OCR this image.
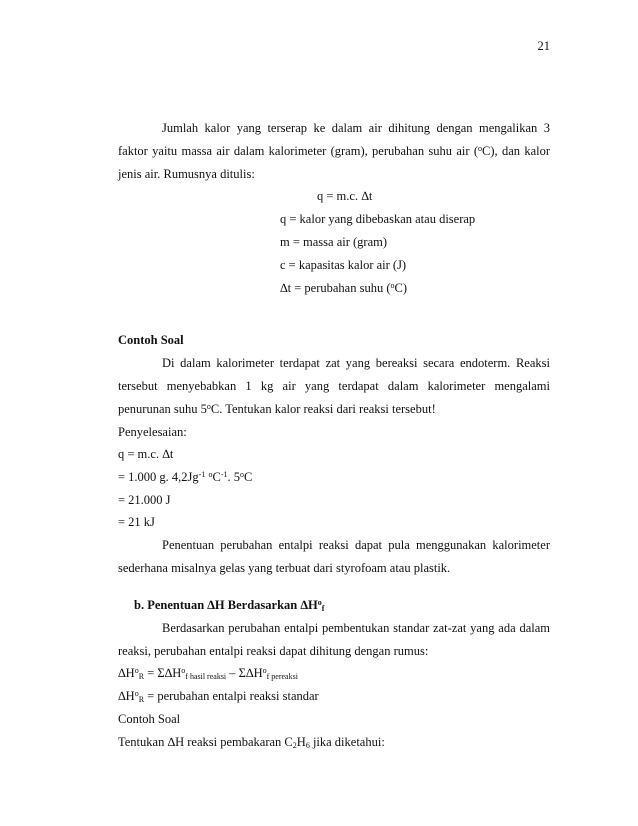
21
Jumlah kalor yang terserap ke dalam air dihitung dengan mengalikan 3
faktor yaitu massa air dalam kalorimeter (gram), perubahan suhu air ($^o$C), dan kalor
jenis air. Rumusnya ditulis:
q = m.c. ∆t
q = kalor yang dibebaskan atau diserap
m = massa air (gram)
c = kapasitas kalor air (J)
∆t = perubahan suhu ($^o$C)
Contoh Soal
Di dalam kalorimeter terdapat zat yang bereaksi secara endoterm. Reaksi
tersebut menyebabkan 1 kg air yang terdapat dalam kalorimeter mengalami
penurunan suhu 5$^o$C. Tentukan kalor reaksi dari reaksi tersebut!
Penyelesaian:
q = m.c. ∆t
= 1.000 g. $4,2Jg^{-1}$ $^oC^{-1}$. $5^oC$
= 21.000 J
= 21 kJ
Penentuan perubahan entalpi reaksi dapat pula menggunakan kalorimeter
sederhana misalnya gelas yang terbuat dari styrofoam atau plastik.
b. Penentuan ∆H Berdasarkan $\Delta H^o_f$
Berdasarkan perubahan entalpi pembentukan standar zat-zat yang ada dalam
reaksi, perubahan entalpi reaksi dapat dihitung dengan rumus:
$\Delta H^o_R = \Sigma\Delta H^o_{f hasil reaksi} - \Sigma\Delta H^o_{f pereaksi}$
$\Delta H^o_R$ = perubahan entalpi reaksi standar
Contoh Soal
Tentukan ∆H reaksi pembakaran $C_2H_6$ jika diketahui:
